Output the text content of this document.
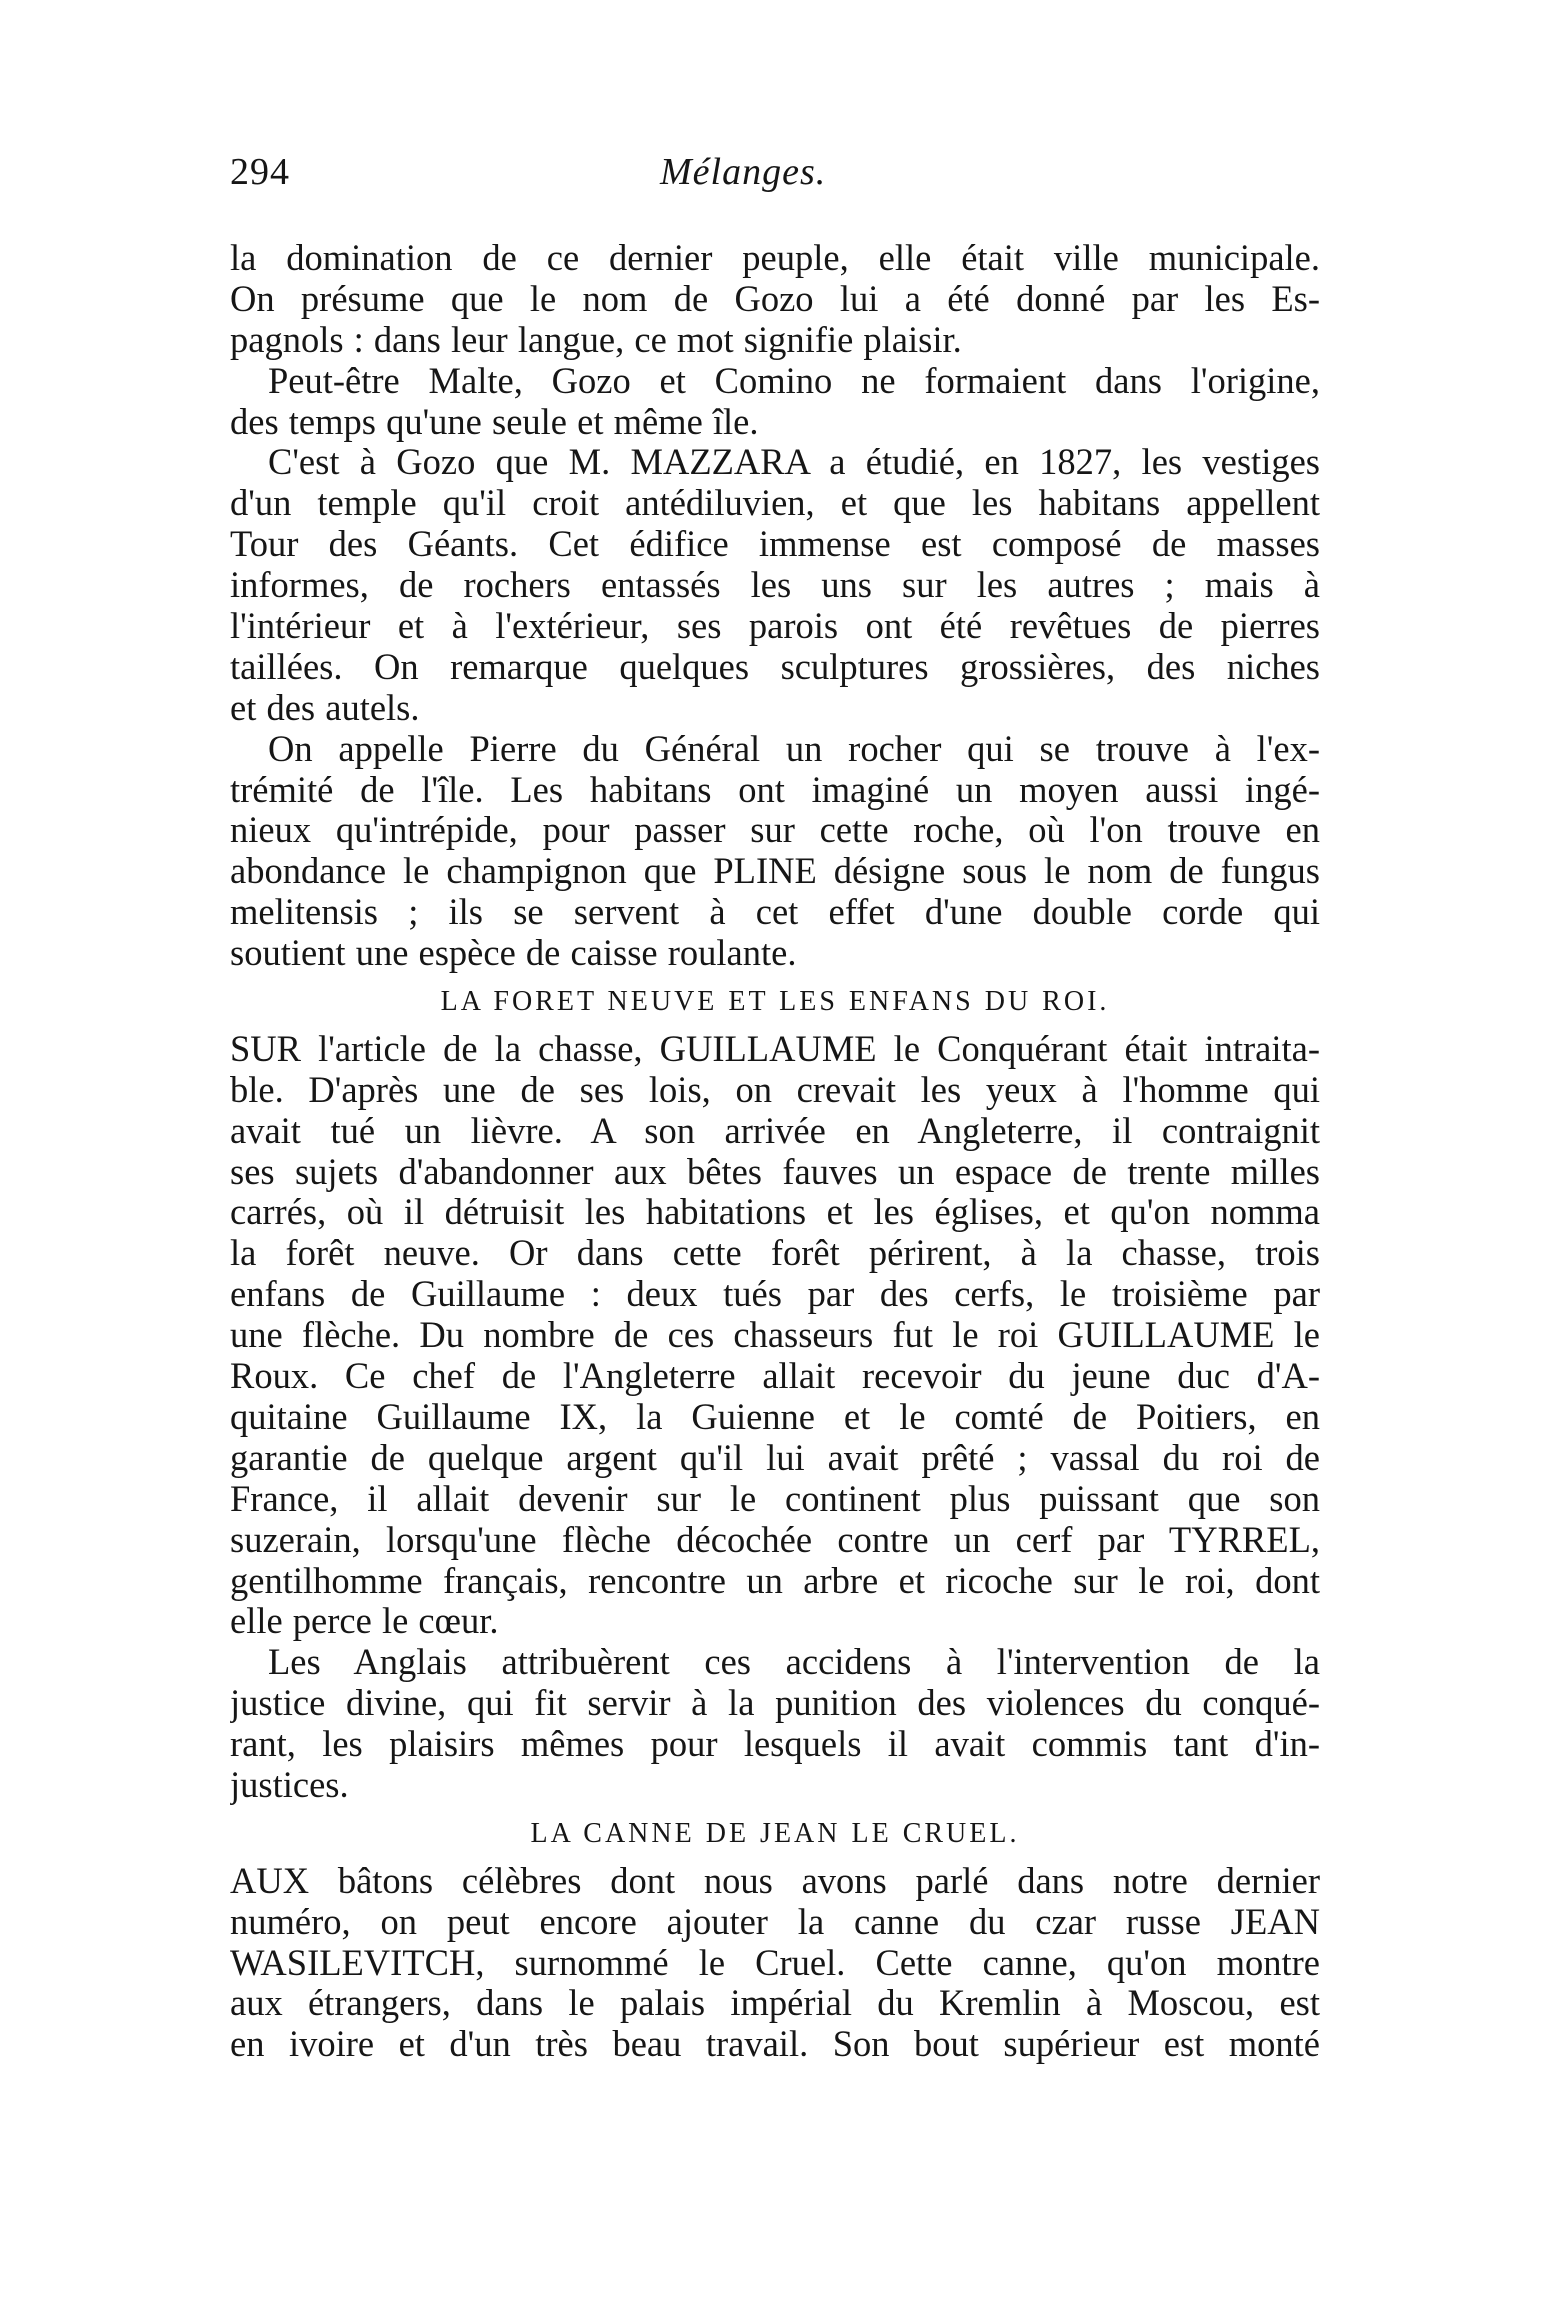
294	Mélanges.
la domination de ce dernier peuple, elle était ville municipale.
On présume que le nom de Gozo lui a été donné par les Es-
pagnols : dans leur langue, ce mot signifie plaisir.
Peut-être Malte, Gozo et Comino ne formaient dans l'origine,
des temps qu'une seule et même île.
C'est à Gozo que M. MAZZARA a étudié, en 1827, les vestiges
d'un temple qu'il croit antédiluvien, et que les habitans appellent
Tour des Géants. Cet édifice immense est composé de masses
informes, de rochers entassés les uns sur les autres ; mais à
l'intérieur et à l'extérieur, ses parois ont été revêtues de pierres
taillées. On remarque quelques sculptures grossières, des niches
et des autels.
On appelle Pierre du Général un rocher qui se trouve à l'ex-
trémité de l'île. Les habitans ont imaginé un moyen aussi ingé-
nieux qu'intrépide, pour passer sur cette roche, où l'on trouve en
abondance le champignon que PLINE désigne sous le nom de fungus
melitensis ; ils se servent à cet effet d'une double corde qui
soutient une espèce de caisse roulante.
LA FORET NEUVE ET LES ENFANS DU ROI.
SUR l'article de la chasse, GUILLAUME le Conquérant était intraita-
ble. D'après une de ses lois, on crevait les yeux à l'homme qui
avait tué un lièvre. A son arrivée en Angleterre, il contraignit
ses sujets d'abandonner aux bêtes fauves un espace de trente milles
carrés, où il détruisit les habitations et les églises, et qu'on nomma
la forêt neuve. Or dans cette forêt périrent, à la chasse, trois
enfans de Guillaume : deux tués par des cerfs, le troisième par
une flèche. Du nombre de ces chasseurs fut le roi GUILLAUME le
Roux. Ce chef de l'Angleterre allait recevoir du jeune duc d'A-
quitaine Guillaume IX, la Guienne et le comté de Poitiers, en
garantie de quelque argent qu'il lui avait prêté ; vassal du roi de
France, il allait devenir sur le continent plus puissant que son
suzerain, lorsqu'une flèche décochée contre un cerf par TYRREL,
gentilhomme français, rencontre un arbre et ricoche sur le roi, dont
elle perce le cœur.
Les Anglais attribuèrent ces accidens à l'intervention de la
justice divine, qui fit servir à la punition des violences du conqué-
rant, les plaisirs mêmes pour lesquels il avait commis tant d'in-
justices.
LA CANNE DE JEAN LE CRUEL.
AUX bâtons célèbres dont nous avons parlé dans notre dernier
numéro, on peut encore ajouter la canne du czar russe JEAN
WASILEVITCH, surnommé le Cruel. Cette canne, qu'on montre
aux étrangers, dans le palais impérial du Kremlin à Moscou, est
en ivoire et d'un très beau travail. Son bout supérieur est monté
